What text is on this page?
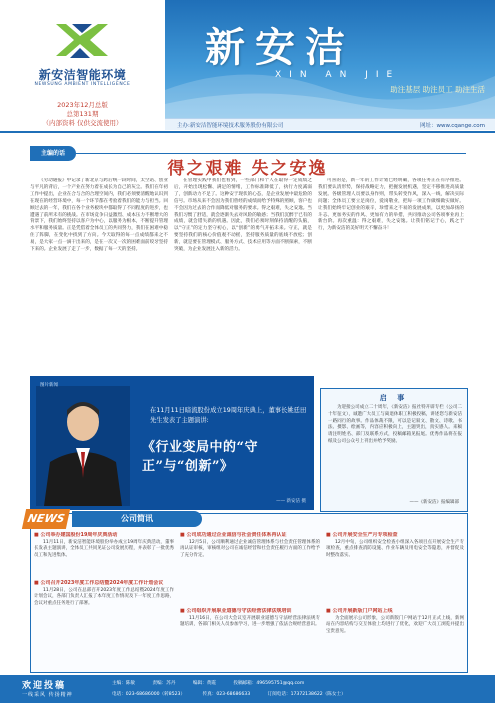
新安洁智能环境
NEWSUNG AMBIENT INTELLIGENCE
2023年12月总版
总第131期
（内部资料 仅供交流使用）
新安洁
XIN AN JIE
助注基层 助注员工 助注生活
主办:新安洁智能环境技术服务股份有限公司	网址：www.cqange.com
主编的话
得之艰难 失之安逸
《劳动通报》中记录了新北京与跨后统一段时间，太空站、创业与平凡的背后，一个产业在努力着在成长为自己的灰尘。我们在年初工作中提出，企业在合与合的合理空间内，我们必须要清醒地认识到在现在的经营环境中，每一个环节都在考验着我们的能力与担当。回顾过去的一年，我们在各个业务板块中都取得了不同程度的进步，也遭遇了前所未有的挑战。在市场竞争日益激烈、成本压力不断增大的背景下，我们始终坚持以客户为中心，以服务为根本，不断提升管理水平和服务质量。正是凭借着全体员工的共同努力，我们在困难中稳住了阵脚，在变化中找到了方向。今天取得的每一点成绩都来之不易，是大家一点一滴干出来的，是在一次又一次的困难面前咬牙坚持下来的。企业发展了走了一步，数据了每一天的坚持。
在管理实践中我们也看到，一些部门和个人在取得一定成绩之后，开始出现松懈、满足的情绪，工作标准降低了，执行力度减弱了，创新动力不足了。这种安于现状的心态，是企业发展中最危险的信号。市场从来不会因为我们曾经的成绩而给予特殊的照顾，客户也不会因为过去的合作而降低对服务的要求。得之艰难，失之安逸。当我们习惯了舒适，就会逐渐失去对风险的敏感；当我们沉醉于已有的成绩，就会错失新的机遇。因此，我们必须时刻保持清醒的头脑，以“守正”的定力坚守初心，以“创新”的勇气开拓未来。守正，就是要坚持我们的核心价值观不动摇，坚持服务质量的底线不放松；创新，就是要在管理模式、服务方式、技术应用等方面不断探索，不断突破，为企业发展注入新的活力。
可喜的是，新一年的工作计划已经明确，各项任务正在有序推进。我们要认清形势，保持战略定力，把握发展机遇，坚定不移推进高质量发展。各级管理人员要以身作则，带头转变作风，深入一线，解决实际问题；全体员工要立足岗位，爱岗敬业，把每一项工作做细做实做好。让我们始终牢记创业的艰辛，珍惜来之不易的发展成果，以更加昂扬的斗志、更加务实的作风、更加有力的举措，共同推动公司各项事业再上新台阶。再次重温：得之艰难，失之安逸。让我们铭记于心，践之于行，为新安洁的美好明天不懈奋斗！
图片新闻
在11月11日暗流股份成立19周年庆典上，董事长姚廷田先生发表了主题演讲:
《行业变局中的“守正”与“创新”》
—— 新安洁 摄
启 事

为迎接公司成立二十周年，《新安洁》报社特开辟专栏（公司二十年征文），诚邀广大员工与离退休职工积极投稿，讲述您与新安洁一路同行的故事。作品体裁不限，可以是记叙文、散文、诗歌、书法、摄影、绘画等，内容应积极向上，主题突出，真实感人。来稿请注明姓名、部门及联系方式，投稿邮箱见报尾。优秀作品将在报纸及公司公众号上刊出并给予奖励。

——《新安洁》报编辑部
NEWS	公司简讯
■ 公司举办建国股份19周年庆典活动
11月11日，新安洁智能环境股份举办成立19周年庆典活动，董事长发表主题演讲，全体员工共同见证公司发展历程，并表彰了一批优秀员工和先进集体。
■ 公司召开2023年度工作总结暨2024年度工作计划会议
11月28日，公司在总部召开2023年度工作总结暨2024年度工作计划会议，各部门负责人汇报了本年度工作情况及下一年度工作思路，会议对重点任务进行了部署。
■ 公司成功通过企业诚信与社会责任体系再认证
12月5日，公司顺利通过企业诚信管理体系与社会责任管理体系的再认证审核，审核组对公司在诚信经营和社会责任履行方面的工作给予了充分肯定。
■ 公司组织开展职业道德与守法经营法律法规培训
11月16日，在公司大会议室开展职业道德与守法经营法律法规专题培训，各部门相关人员参加学习，进一步增强了依法合规经营意识。
■ 公司开展安全生产月专项检查
12月中旬，公司组织安全检查小组深入各项目点开展安全生产专项检查，重点排查消防设施、作业车辆及用电安全等隐患，并督促及时整改落实。
■ 公司开展新版门户网站上线
为全面展示公司形象，公司新版门户网站于12月正式上线，新网站在内容结构与交互体验上均进行了优化，欢迎广大员工浏览并提出宝贵意见。
欢迎投稿
一线采风 传扬精神
主编：陈敏	责编：苏丹	编辑：黄霞	投稿邮箱：496595751@qq.com
电话：023-68686000（转8523）	传真：023-68686633	订阅电话：17372138622（陈女士）
